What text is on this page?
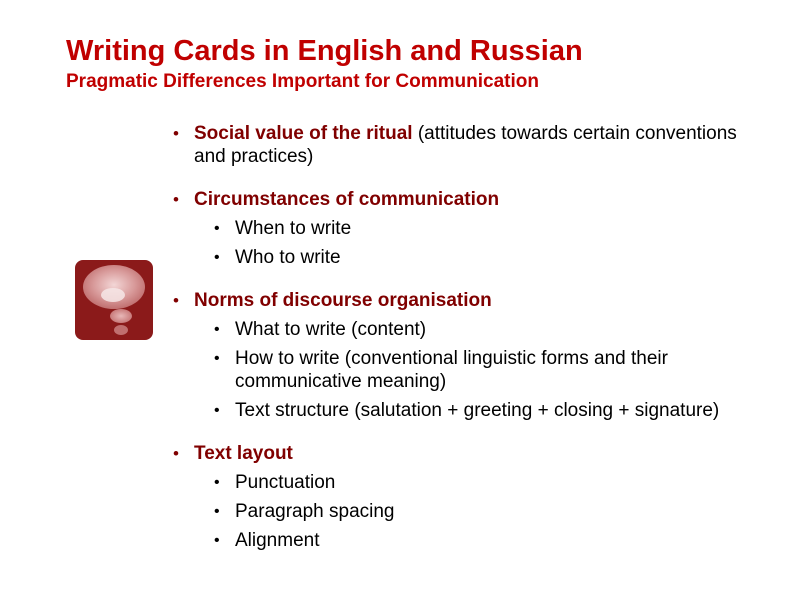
Writing Cards in English and Russian
Pragmatic Differences Important for Communication
• Social value of the ritual (attitudes towards certain conventions and practices)
• Circumstances of communication
• When to write
• Who to write
• Norms of discourse organisation
• What to write (content)
• How to write (conventional linguistic forms and their communicative meaning)
• Text structure (salutation + greeting + closing + signature)
• Text layout
• Punctuation
• Paragraph spacing
• Alignment
